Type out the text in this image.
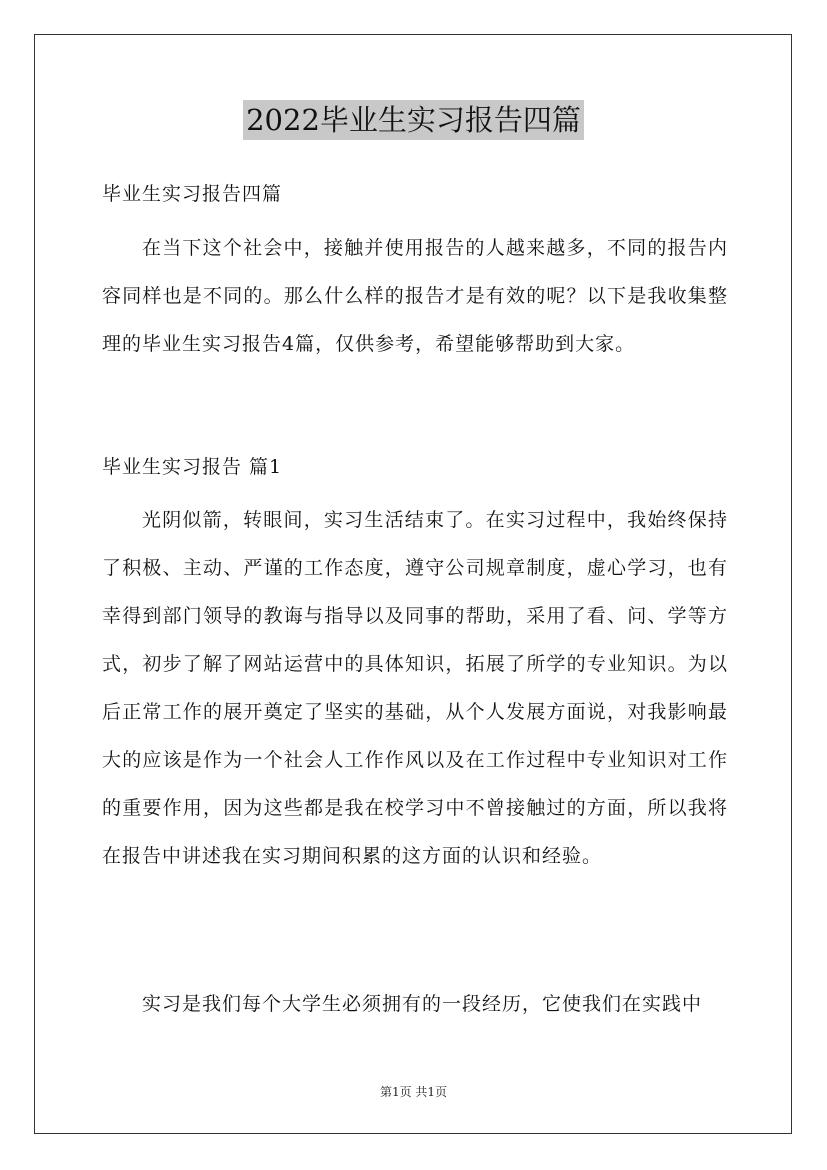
2022毕业生实习报告四篇
毕业生实习报告四篇
在当下这个社会中，接触并使用报告的人越来越多，不同的报告内容同样也是不同的。那么什么样的报告才是有效的呢？以下是我收集整理的毕业生实习报告4篇，仅供参考，希望能够帮助到大家。
毕业生实习报告 篇1
光阴似箭，转眼间，实习生活结束了。在实习过程中，我始终保持了积极、主动、严谨的工作态度，遵守公司规章制度，虚心学习，也有幸得到部门领导的教诲与指导以及同事的帮助，采用了看、问、学等方式，初步了解了网站运营中的具体知识，拓展了所学的专业知识。为以后正常工作的展开奠定了坚实的基础，从个人发展方面说，对我影响最大的应该是作为一个社会人工作作风以及在工作过程中专业知识对工作的重要作用，因为这些都是我在校学习中不曾接触过的方面，所以我将在报告中讲述我在实习期间积累的这方面的认识和经验。
实习是我们每个大学生必须拥有的一段经历，它使我们在实践中
第1页 共1页
